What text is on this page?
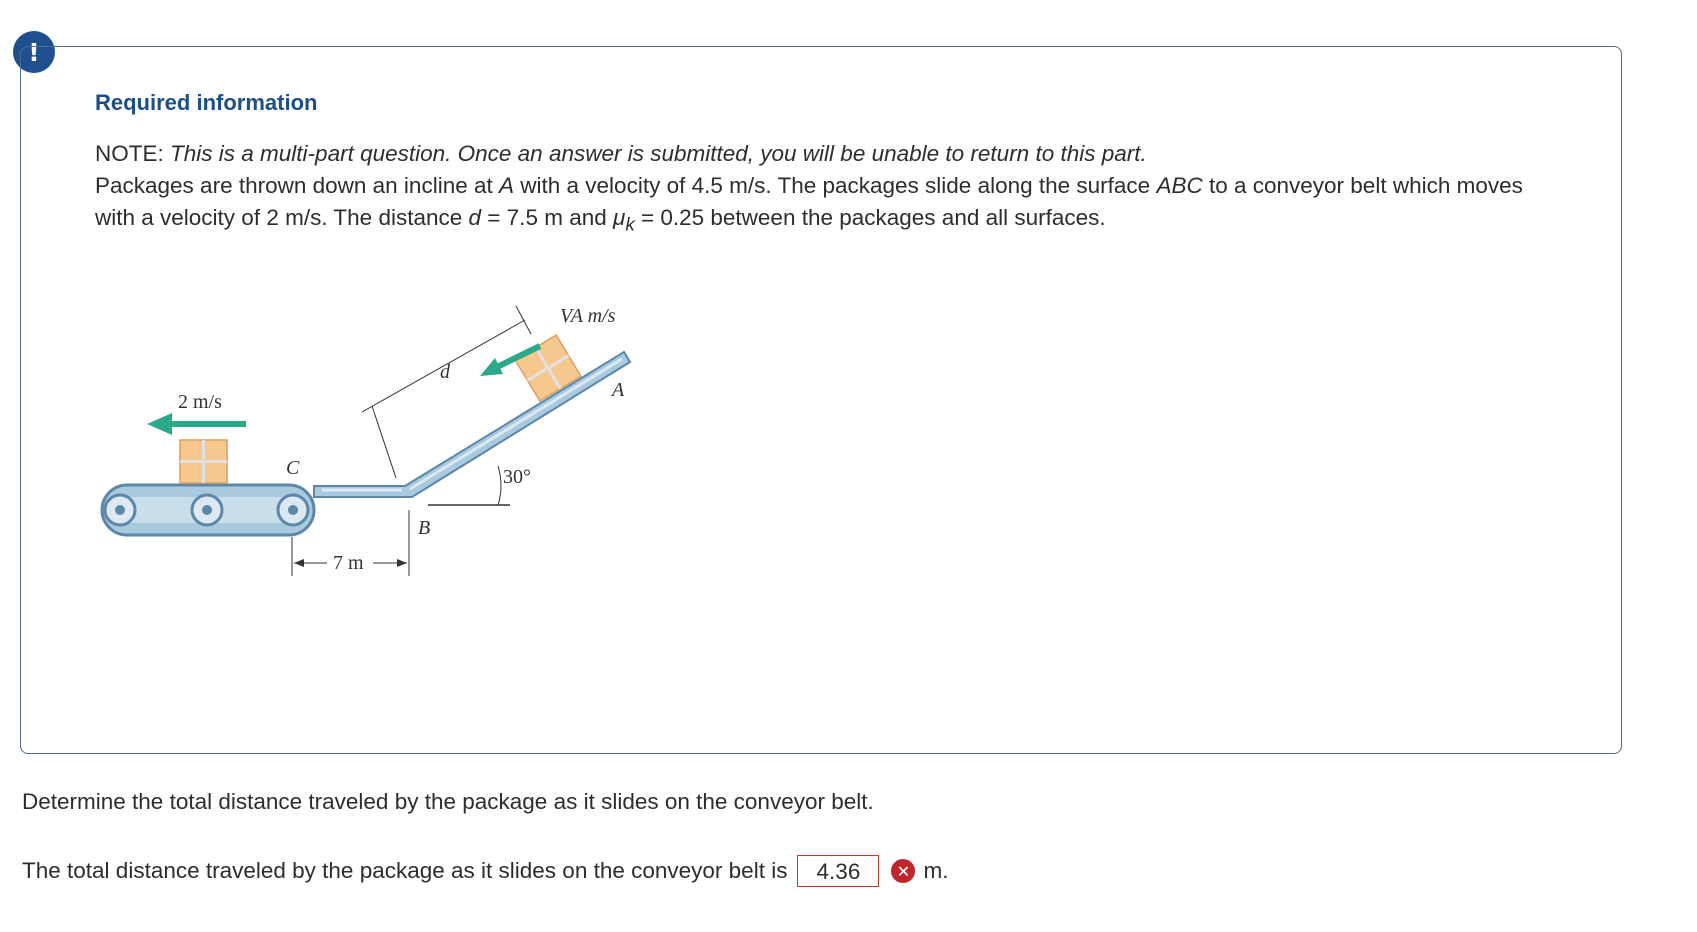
!
Required information
NOTE: This is a multi-part question. Once an answer is submitted, you will be unable to return to this part.
Packages are thrown down an incline at A with a velocity of 4.5 m/s. The packages slide along the surface ABC to a conveyor belt which moves with a velocity of 2 m/s. The distance d = 7.5 m and $\mu_k = 0.25$ between the packages and all surfaces.
2 m/s
VA m/s
d
A
C
B
30°
7 m
Determine the total distance traveled by the package as it slides on the conveyor belt.
The total distance traveled by the package as it slides on the conveyor belt is	4.36	✕ m.
